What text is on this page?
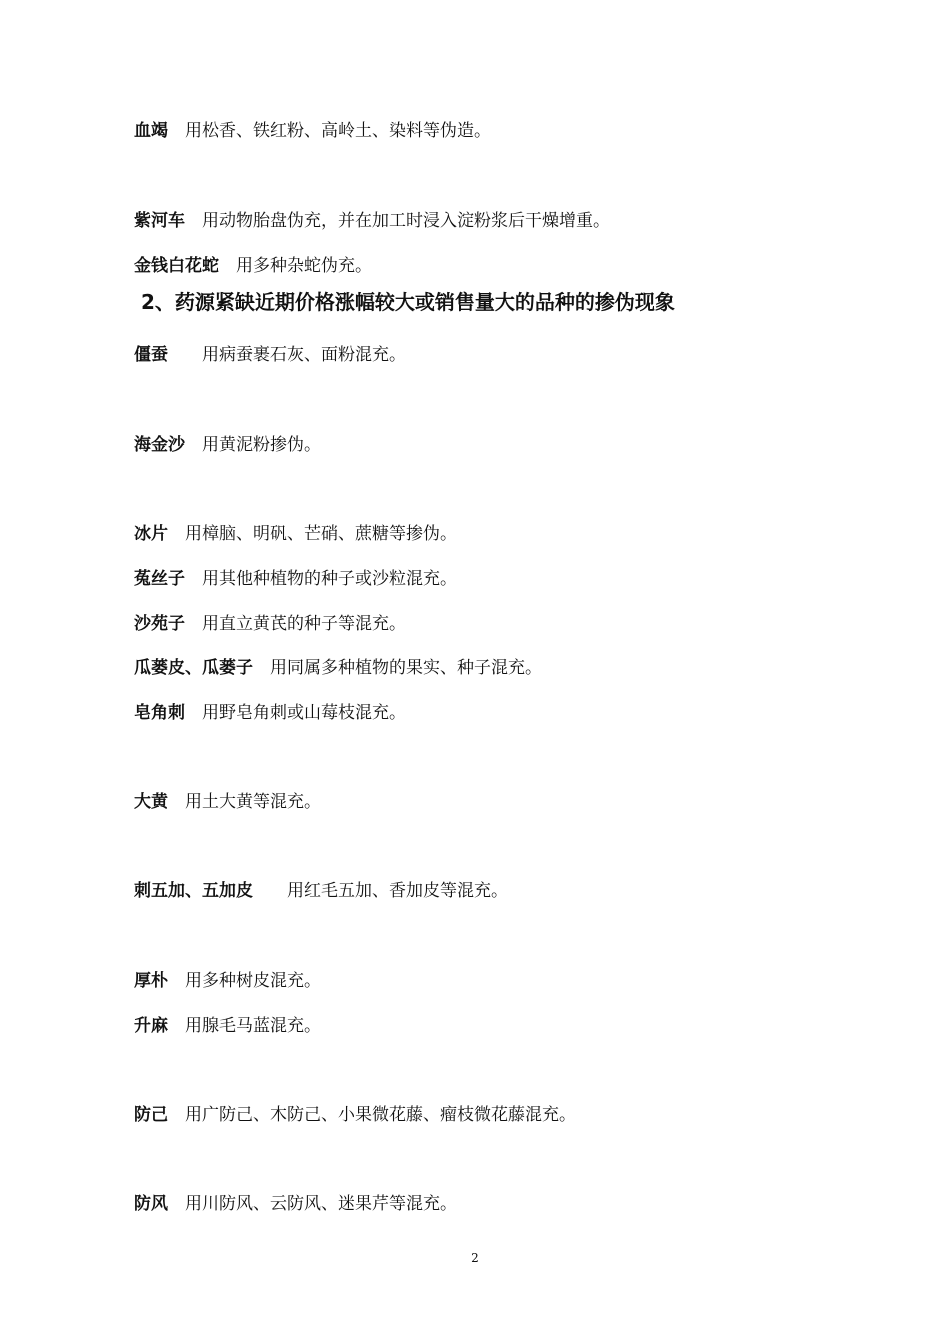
血竭　 用松香、铁红粉、高岭土、染料等伪造。
紫河车　 用动物胎盘伪充，并在加工时浸入淀粉浆后干燥增重。
金钱白花蛇　 用多种杂蛇伪充。
2、药源紧缺近期价格涨幅较大或销售量大的品种的掺伪现象
僵蚕　　 用病蚕裹石灰、面粉混充。
海金沙　 用黄泥粉掺伪。
冰片　 用樟脑、明矾、芒硝、蔗糖等掺伪。
菟丝子　 用其他种植物的种子或沙粒混充。
沙苑子　 用直立黄芪的种子等混充。
瓜蒌皮、瓜蒌子　 用同属多种植物的果实、种子混充。
皂角刺　 用野皂角刺或山莓枝混充。
大黄　 用土大黄等混充。
刺五加、五加皮　　 用红毛五加、香加皮等混充。
厚朴　 用多种树皮混充。
升麻　 用腺毛马蓝混充。
防己　 用广防己、木防己、小果微花藤、瘤枝微花藤混充。
防风　 用川防风、云防风、迷果芹等混充。
2
